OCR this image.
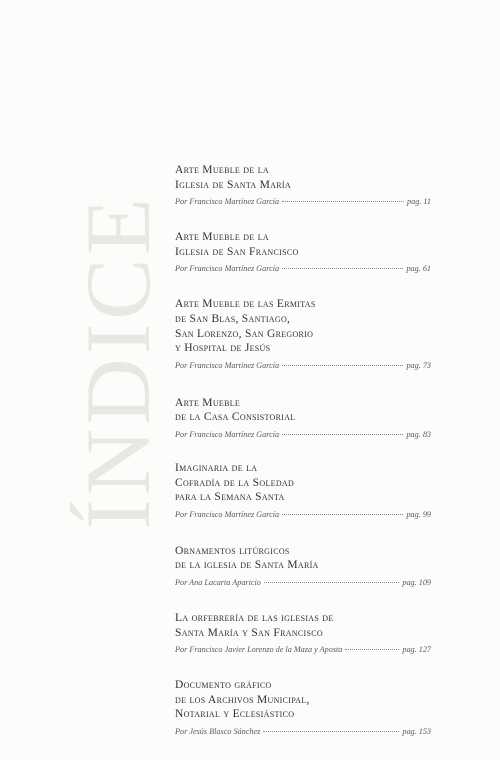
ÍNDICE
Arte Mueble de la
Iglesia de Santa María
Por Francisco Martínez García	pag. 11
Arte Mueble de la
Iglesia de San Francisco
Por Francisco Martínez García	pag. 61
Arte Mueble de las Ermitas
de San Blas, Santiago,
San Lorenzo, San Gregorio
y Hospital de Jesús
Por Francisco Martínez García	pag. 73
Arte Mueble
de la Casa Consistorial
Por Francisco Martínez García	pag. 83
Imaginaria de la
Cofradía de la Soledad
para la Semana Santa
Por Francisco Martínez García	pag. 99
Ornamentos litúrgicos
de la iglesia de Santa María
Por Ana Lacarta Aparicio	pag. 109
La orfebrería de las iglesias de
Santa María y San Francisco
Por Francisco Javier Lorenzo de la Maza y Aposta	pag. 127
Documento gráfico
de los Archivos Municipal,
Notarial y Eclesiástico
Por Jesús Blasco Sánchez	pag. 153
